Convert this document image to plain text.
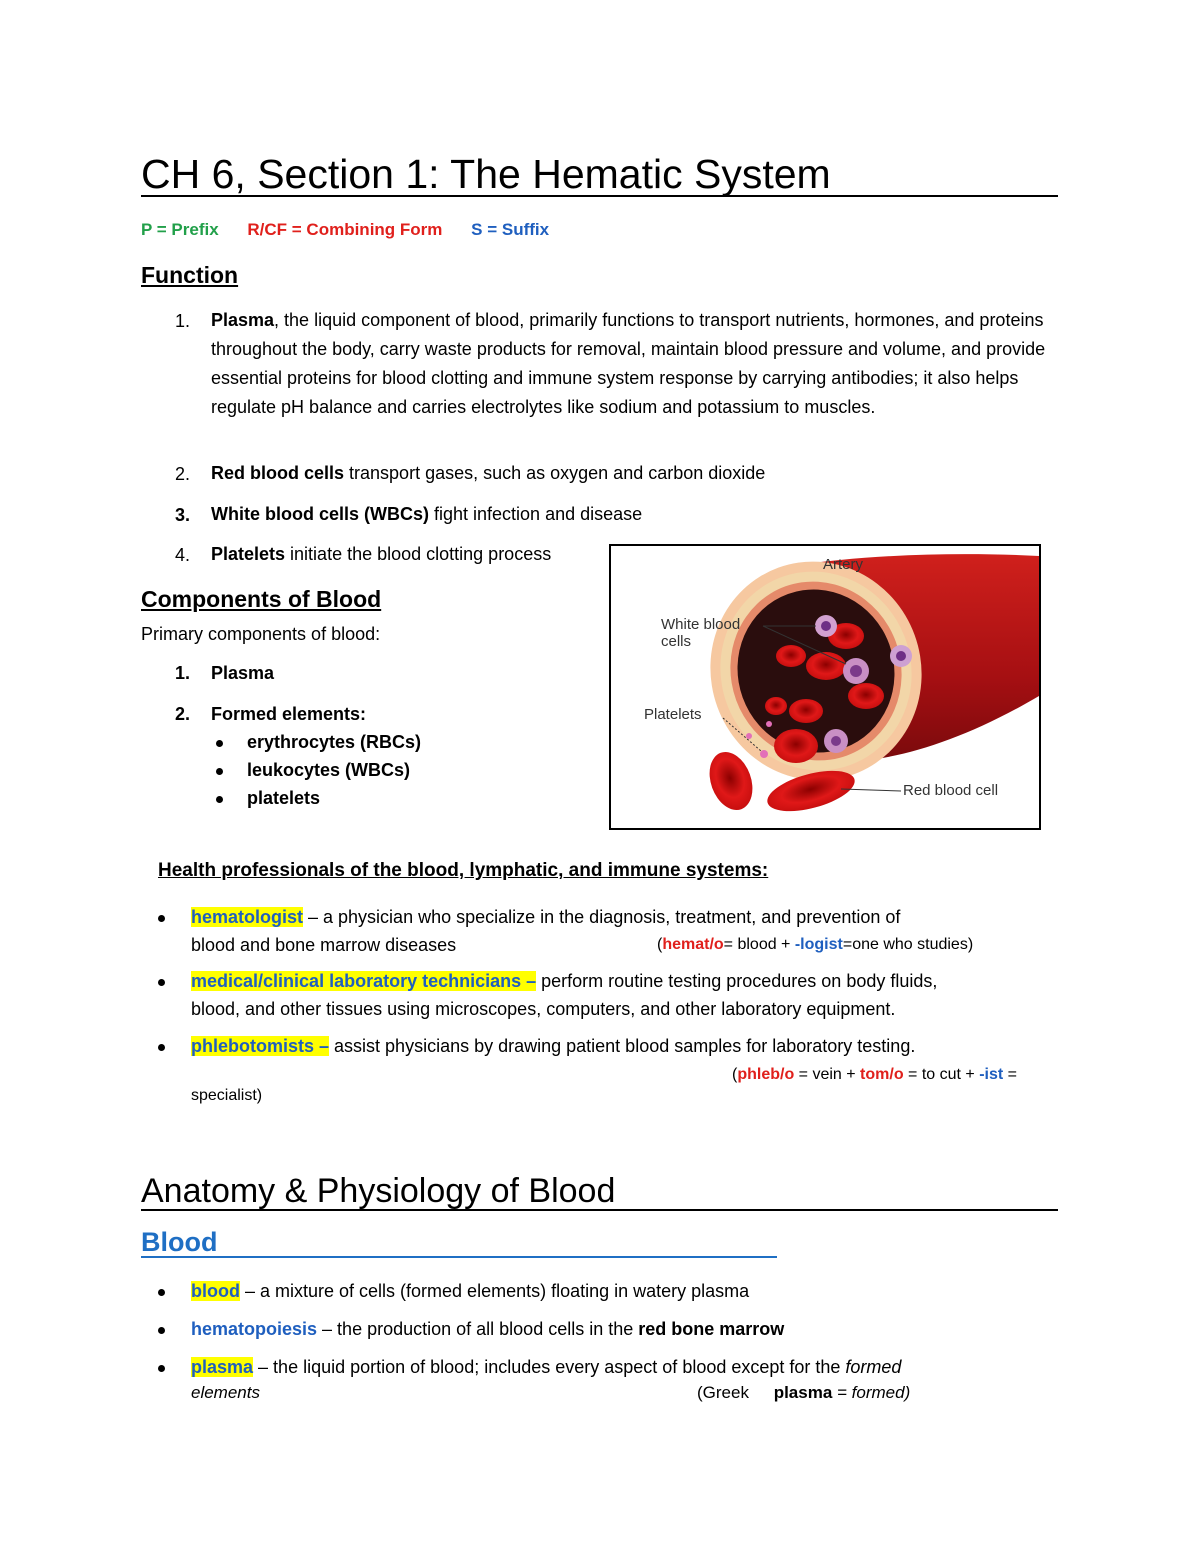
CH 6, Section 1: The Hematic System
P = Prefix R/CF = Combining Form S = Suffix
Function
1. Plasma, the liquid component of blood, primarily functions to transport nutrients, hormones, and proteins throughout the body, carry waste products for removal, maintain blood pressure and volume, and provide essential proteins for blood clotting and immune system response by carrying antibodies; it also helps regulate pH balance and carries electrolytes like sodium and potassium to muscles.
2. Red blood cells transport gases, such as oxygen and carbon dioxide
3. White blood cells (WBCs) fight infection and disease
4. Platelets initiate the blood clotting process
Components of Blood
Primary components of blood:
1. Plasma
2. Formed elements:
erythrocytes (RBCs)
leukocytes (WBCs)
platelets
Artery
White blood cells
Platelets
Red blood cell
Health professionals of the blood, lymphatic, and immune systems:
hematologist – a physician who specialize in the diagnosis, treatment, and prevention of
blood and bone marrow diseases	(hemat/o= blood + -logist=one who studies)
medical/clinical laboratory technicians – perform routine testing procedures on body fluids,
blood, and other tissues using microscopes, computers, and other laboratory equipment.
phlebotomists – assist physicians by drawing patient blood samples for laboratory testing.
(phleb/o = vein + tom/o = to cut + -ist =
specialist)
Anatomy & Physiology of Blood
Blood
blood – a mixture of cells (formed elements) floating in watery plasma
hematopoiesis – the production of all blood cells in the red bone marrow
plasma – the liquid portion of blood; includes every aspect of blood except for the formed
elements	(Greek plasma = formed)
